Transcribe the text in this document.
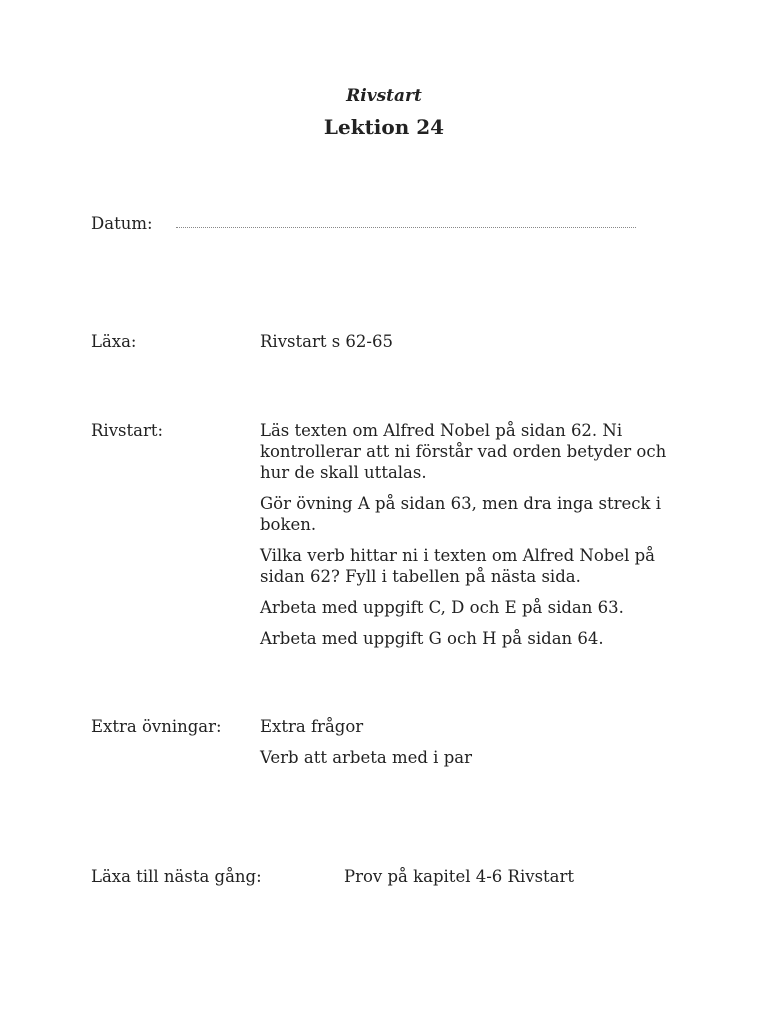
Rivstart
Lektion 24
Datum:
Läxa:	Rivstart s 62-65
Rivstart:	Läs texten om Alfred Nobel på sidan 62. Ni kontrollerar att ni förstår vad orden betyder och hur de skall uttalas.
Gör övning A på sidan 63, men dra inga streck i boken.
Vilka verb hittar ni i texten om Alfred Nobel på sidan 62? Fyll i tabellen på nästa sida.
Arbeta med uppgift C, D och E på sidan 63.
Arbeta med uppgift G och H på sidan 64.
Extra övningar: Extra frågor
Verb att arbeta med i par
Läxa till nästa gång:	Prov på kapitel 4-6 Rivstart
